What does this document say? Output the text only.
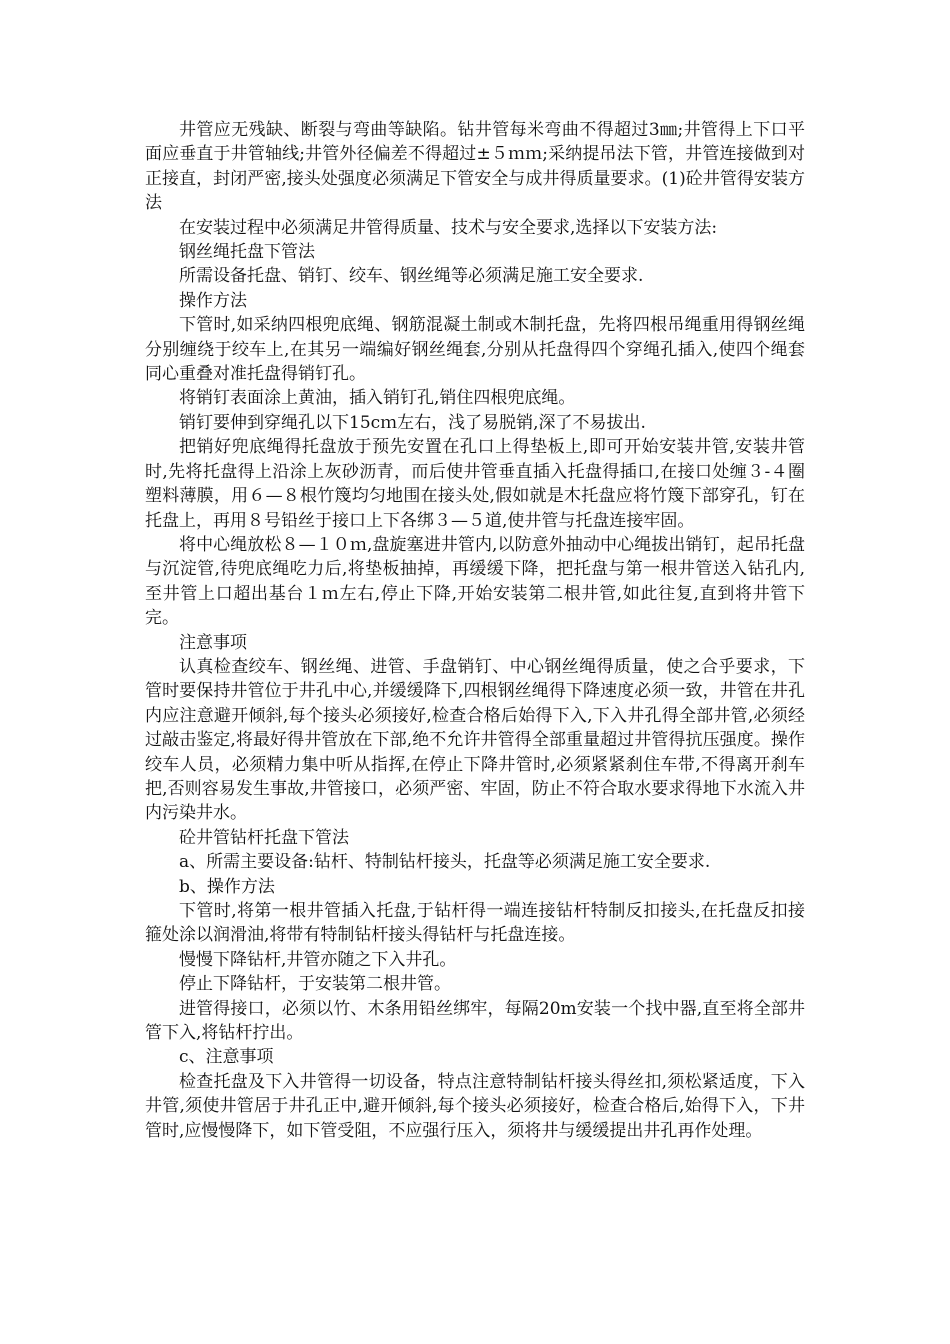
井管应无残缺、断裂与弯曲等缺陷。钻井管每米弯曲不得超过3㎜;井管得上下口平面应垂直于井管轴线;井管外径偏差不得超过±５ｍｍ;采纳提吊法下管，井管连接做到对正接直，封闭严密,接头处强度必须满足下管安全与成井得质量要求。(1)砼井管得安装方法

在安装过程中必须满足井管得质量、技术与安全要求,选择以下安装方法:

钢丝绳托盘下管法

所需设备托盘、销钉、绞车、钢丝绳等必须满足施工安全要求.

操作方法

下管时,如采纳四根兜底绳、钢筋混凝土制或木制托盘，先将四根吊绳重用得钢丝绳分别缠绕于绞车上,在其另一端编好钢丝绳套,分别从托盘得四个穿绳孔插入,使四个绳套同心重叠对准托盘得销钉孔。

将销钉表面涂上黄油，插入销钉孔,销住四根兜底绳。

销钉要伸到穿绳孔以下15cｍ左右，浅了易脱销,深了不易拔出.

把销好兜底绳得托盘放于预先安置在孔口上得垫板上,即可开始安装井管,安装井管时,先将托盘得上沿涂上灰砂沥青，而后使井管垂直插入托盘得插口,在接口处缠３-４圈塑料薄膜，用６—８根竹篾均匀地围在接头处,假如就是木托盘应将竹篾下部穿孔，钉在托盘上，再用８号铅丝于接口上下各绑３—５道,使井管与托盘连接牢固。

将中心绳放松８—１０ｍ,盘旋塞进井管内,以防意外抽动中心绳拔出销钉，起吊托盘与沉淀管,待兜底绳吃力后,将垫板抽掉，再缓缓下降，把托盘与第一根井管送入钻孔内,至井管上口超出基台１ｍ左右,停止下降,开始安装第二根井管,如此往复,直到将井管下完。

注意事项

认真检查绞车、钢丝绳、进管、手盘销钉、中心钢丝绳得质量，使之合乎要求，下管时要保持井管位于井孔中心,并缓缓降下,四根钢丝绳得下降速度必须一致，井管在井孔内应注意避开倾斜,每个接头必须接好,检查合格后始得下入,下入井孔得全部井管,必须经过敲击鉴定,将最好得井管放在下部,绝不允许井管得全部重量超过井管得抗压强度。操作绞车人员，必须精力集中听从指挥,在停止下降井管时,必须紧紧刹住车带,不得离开刹车把,否则容易发生事故,井管接口，必须严密、牢固，防止不符合取水要求得地下水流入井内污染井水。

砼井管钻杆托盘下管法

a、所需主要设备:钻杆、特制钻杆接头，托盘等必须满足施工安全要求.

b、操作方法

下管时,将第一根井管插入托盘,于钻杆得一端连接钻杆特制反扣接头,在托盘反扣接箍处涂以润滑油,将带有特制钻杆接头得钻杆与托盘连接。

慢慢下降钻杆,井管亦随之下入井孔。

停止下降钻杆，于安装第二根井管。

进管得接口，必须以竹、木条用铅丝绑牢，每隔20m安装一个找中器,直至将全部井管下入,将钻杆拧出。

c、注意事项

检查托盘及下入井管得一切设备，特点注意特制钻杆接头得丝扣,须松紧适度，下入井管,须使井管居于井孔正中,避开倾斜,每个接头必须接好，检查合格后,始得下入，下井管时,应慢慢降下，如下管受阻，不应强行压入，须将井与缓缓提出井孔再作处理。
